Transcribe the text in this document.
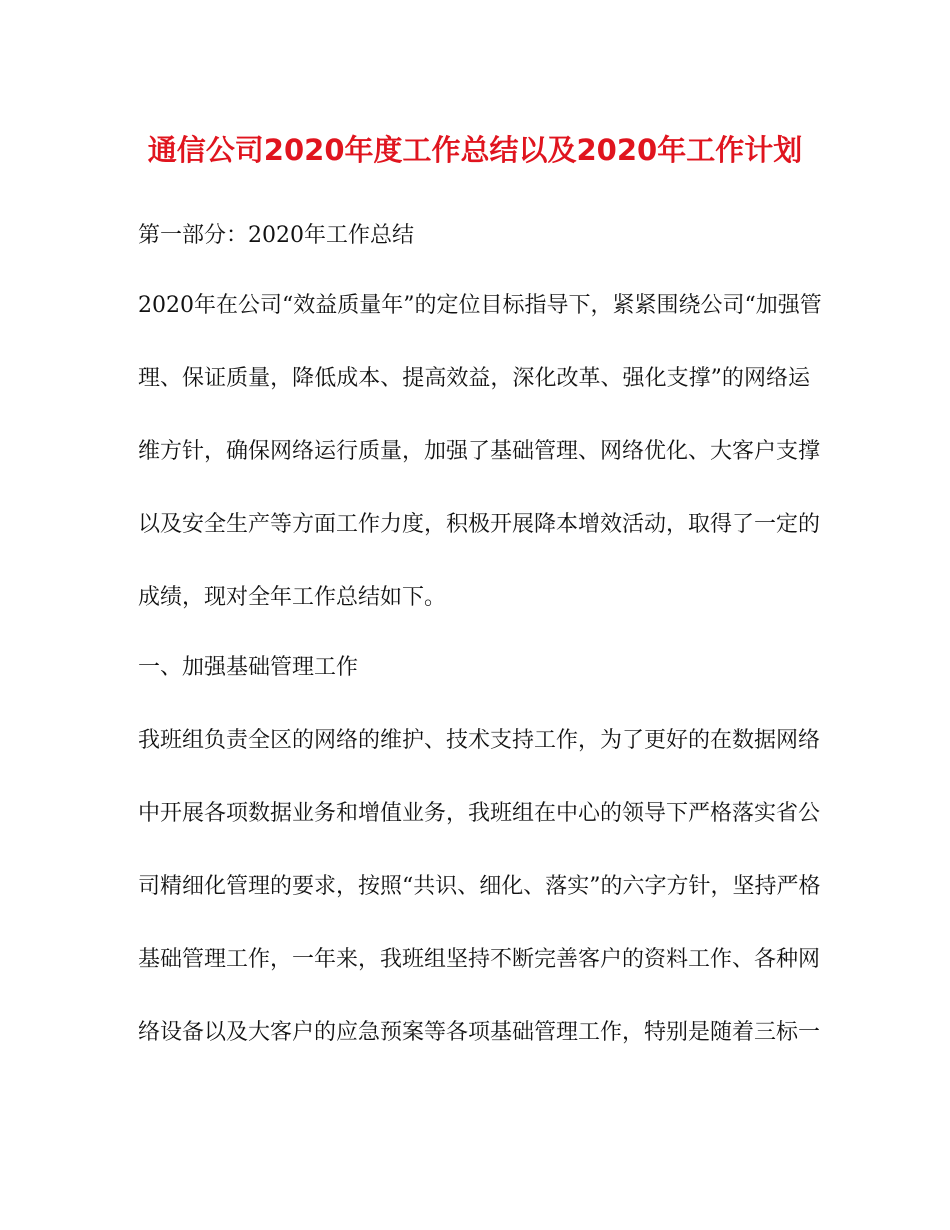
通信公司2020年度工作总结以及2020年工作计划
第一部分：2020年工作总结
2020年在公司“效益质量年”的定位目标指导下，紧紧围绕公司“加强管
理、保证质量，降低成本、提高效益，深化改革、强化支撑”的网络运
维方针，确保网络运行质量，加强了基础管理、网络优化、大客户支撑
以及安全生产等方面工作力度，积极开展降本增效活动，取得了一定的
成绩，现对全年工作总结如下。
一、加强基础管理工作
我班组负责全区的网络的维护、技术支持工作，为了更好的在数据网络
中开展各项数据业务和增值业务，我班组在中心的领导下严格落实省公
司精细化管理的要求，按照“共识、细化、落实”的六字方针，坚持严格
基础管理工作，一年来，我班组坚持不断完善客户的资料工作、各种网
络设备以及大客户的应急预案等各项基础管理工作，特别是随着三标一
